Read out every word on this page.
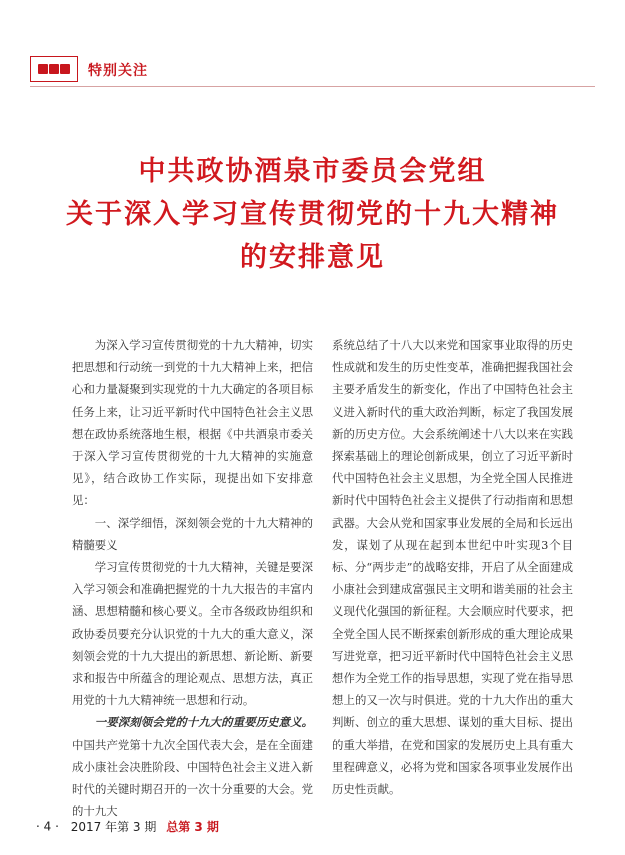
特别关注
中共政协酒泉市委员会党组
关于深入学习宣传贯彻党的十九大精神
的安排意见

为深入学习宣传贯彻党的十九大精神，切实把思想和行动统一到党的十九大精神上来，把信心和力量凝聚到实现党的十九大确定的各项目标任务上来，让习近平新时代中国特色社会主义思想在政协系统落地生根，根据《中共酒泉市委关于深入学习宣传贯彻党的十九大精神的实施意见》，结合政协工作实际，现提出如下安排意见：

一、深学细悟，深刻领会党的十九大精神的精髓要义

学习宣传贯彻党的十九大精神，关键是要深入学习领会和准确把握党的十九大报告的丰富内涵、思想精髓和核心要义。全市各级政协组织和政协委员要充分认识党的十九大的重大意义，深刻领会党的十九大提出的新思想、新论断、新要求和报告中所蕴含的理论观点、思想方法，真正用党的十九大精神统一思想和行动。

一要深刻领会党的十九大的重要历史意义。中国共产党第十九次全国代表大会，是在全面建成小康社会决胜阶段、中国特色社会主义进入新时代的关键时期召开的一次十分重要的大会。党的十九大

系统总结了十八大以来党和国家事业取得的历史性成就和发生的历史性变革，准确把握我国社会主要矛盾发生的新变化，作出了中国特色社会主义进入新时代的重大政治判断，标定了我国发展新的历史方位。大会系统阐述十八大以来在实践探索基础上的理论创新成果，创立了习近平新时代中国特色社会主义思想，为全党全国人民推进新时代中国特色社会主义提供了行动指南和思想武器。大会从党和国家事业发展的全局和长远出发，谋划了从现在起到本世纪中叶实现3个目标、分“两步走”的战略安排，开启了从全面建成小康社会到建成富强民主文明和谐美丽的社会主义现代化强国的新征程。大会顺应时代要求，把全党全国人民不断探索创新形成的重大理论成果写进党章，把习近平新时代中国特色社会主义思想作为全党工作的指导思想，实现了党在指导思想上的又一次与时俱进。党的十九大作出的重大判断、创立的重大思想、谋划的重大目标、提出的重大举措，在党和国家的发展历史上具有重大里程碑意义，必将为党和国家各项事业发展作出历史性贡献。

· 4 · 2017 年第 3 期 总第 3 期
